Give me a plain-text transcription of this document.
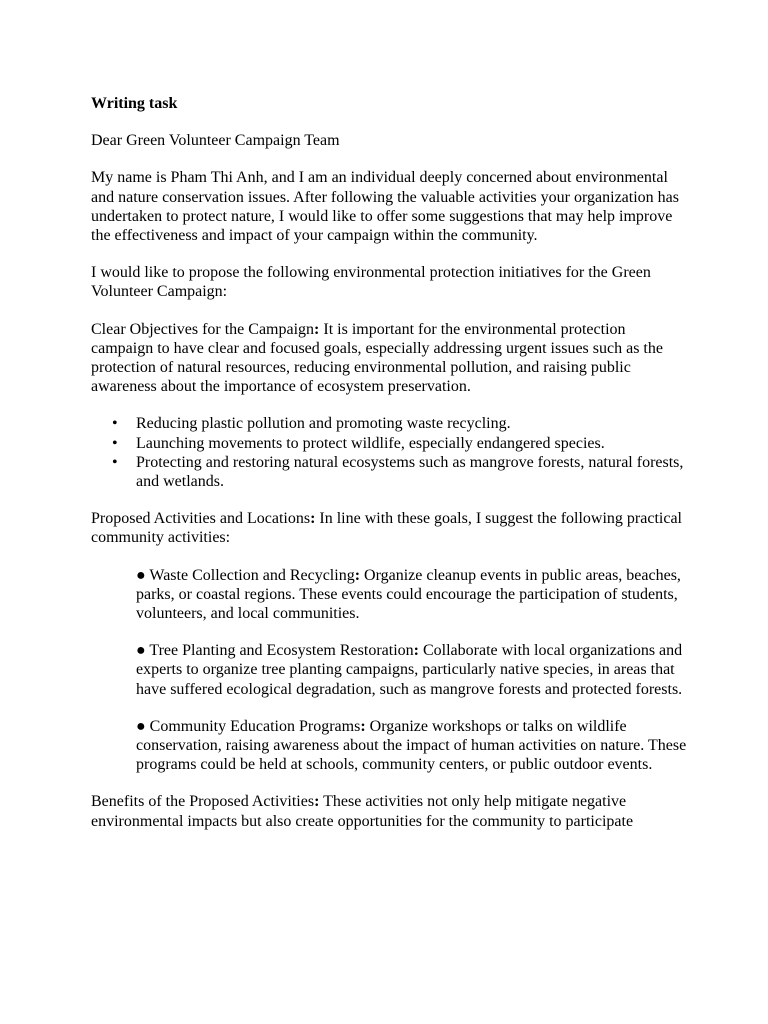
Writing task

Dear Green Volunteer Campaign Team

My name is Pham Thi Anh, and I am an individual deeply concerned about environmental and nature conservation issues. After following the valuable activities your organization has undertaken to protect nature, I would like to offer some suggestions that may help improve the effectiveness and impact of your campaign within the community.

I would like to propose the following environmental protection initiatives for the Green Volunteer Campaign:

Clear Objectives for the Campaign: It is important for the environmental protection campaign to have clear and focused goals, especially addressing urgent issues such as the protection of natural resources, reducing environmental pollution, and raising public awareness about the importance of ecosystem preservation.

• Reducing plastic pollution and promoting waste recycling.
• Launching movements to protect wildlife, especially endangered species.
• Protecting and restoring natural ecosystems such as mangrove forests, natural forests, and wetlands.

Proposed Activities and Locations: In line with these goals, I suggest the following practical community activities:

● Waste Collection and Recycling: Organize cleanup events in public areas, beaches, parks, or coastal regions. These events could encourage the participation of students, volunteers, and local communities.

● Tree Planting and Ecosystem Restoration: Collaborate with local organizations and experts to organize tree planting campaigns, particularly native species, in areas that have suffered ecological degradation, such as mangrove forests and protected forests.

● Community Education Programs: Organize workshops or talks on wildlife conservation, raising awareness about the impact of human activities on nature. These programs could be held at schools, community centers, or public outdoor events.

Benefits of the Proposed Activities: These activities not only help mitigate negative environmental impacts but also create opportunities for the community to participate
